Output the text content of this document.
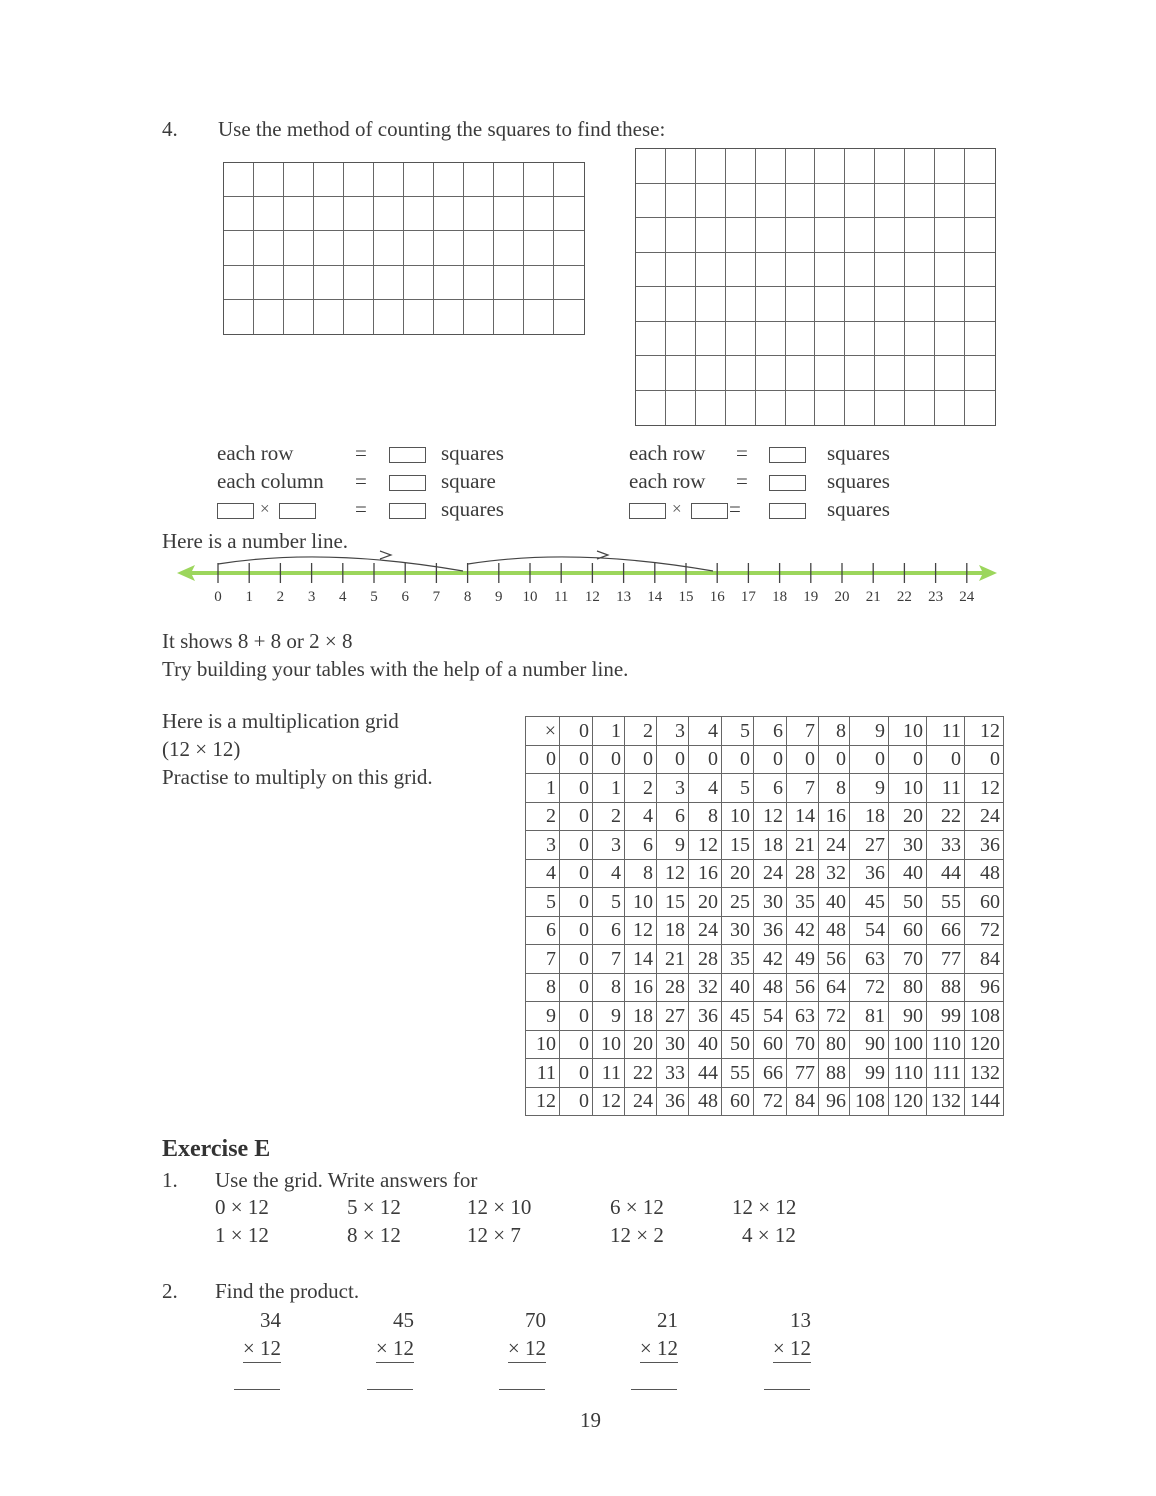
4. Use the method of counting the squares to find these:
each row	=	squares
each column =	square
×	=	squares
each row =	squares
each row =	squares
× =	squares
Here is a number line.
0 1 2 3 4 5 6 7 8 9 10 11 12 13 14 15 16 17 18 19 20 21 22 23 24
It shows 8 + 8 or 2 × 8
Try building your tables with the help of a number line.
Here is a multiplication grid
(12 × 12)
Practise to multiply on this grid.
×	0	1	2	3	4	5	6	7	8	9	10	11	12
0	0	0	0	0	0	0	0	0	0	0	0	0	0
1	0	1	2	3	4	5	6	7	8	9	10	11	12
2	0	2	4	6	8	10	12	14	16	18	20	22	24
3	0	3	6	9	12	15	18	21	24	27	30	33	36
4	0	4	8	12	16	20	24	28	32	36	40	44	48
5	0	5	10	15	20	25	30	35	40	45	50	55	60
6	0	6	12	18	24	30	36	42	48	54	60	66	72
7	0	7	14	21	28	35	42	49	56	63	70	77	84
8	0	8	16	28	32	40	48	56	64	72	80	88	96
9	0	9	18	27	36	45	54	63	72	81	90	99	108
10	0	10	20	30	40	50	60	70	80	90	100	110	120
11	0	11	22	33	44	55	66	77	88	99	110	111	132
12	0	12	24	36	48	60	72	84	96	108	120	132	144
Exercise E
1. Use the grid. Write answers for
0 × 12	5 × 12	12 × 10	6 × 12	12 × 12
1 × 12	8 × 12	12 × 7	12 × 2	4 × 12
2. Find the product.
34
× 12
45
× 12
70
× 12
21
× 12
13
× 12
19
